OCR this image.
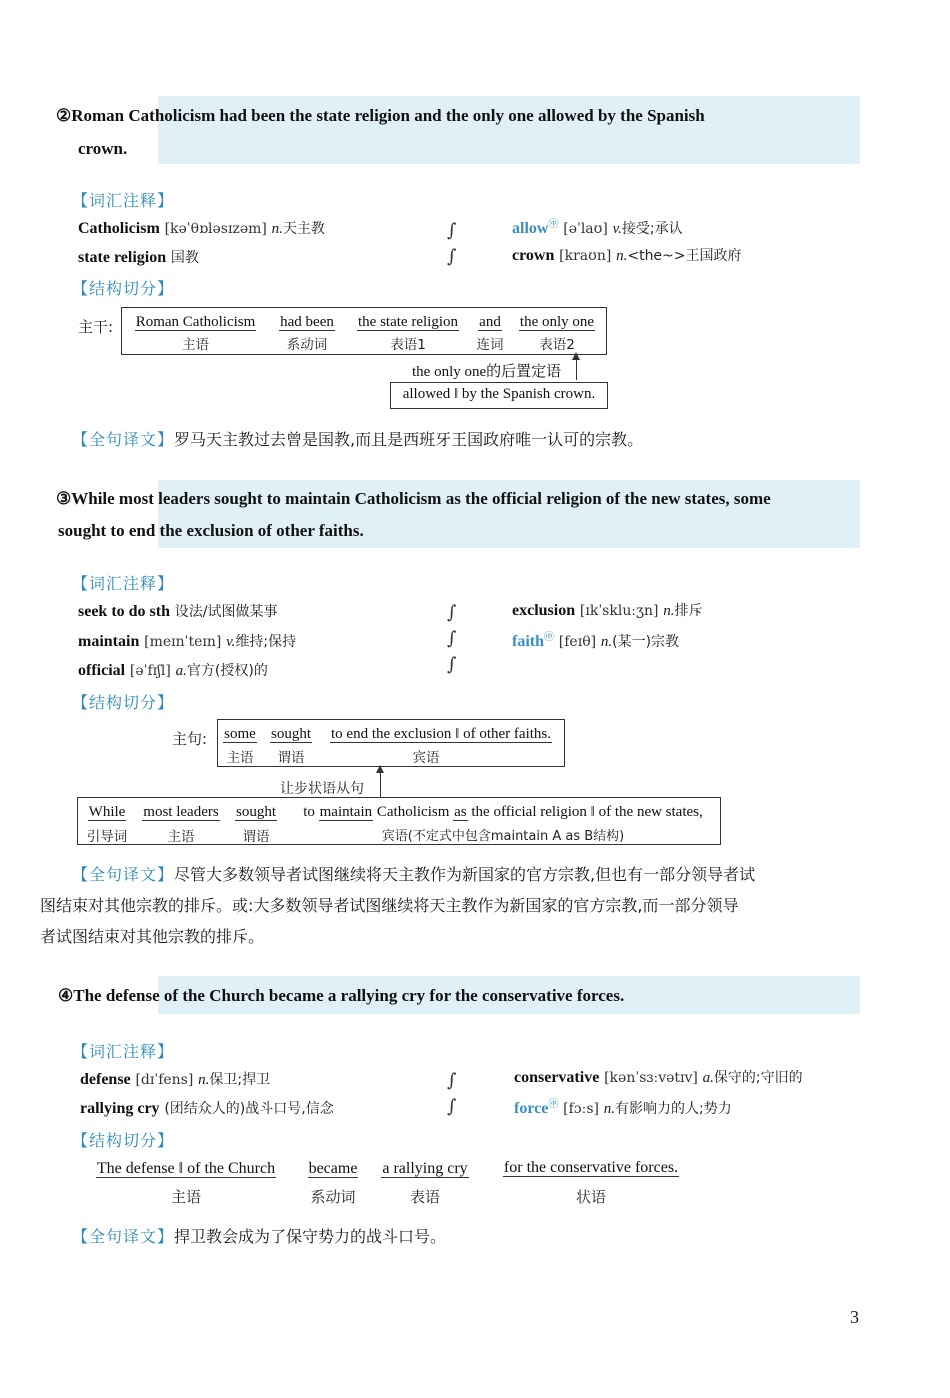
②Roman Catholicism had been the state religion and the only one allowed by the Spanish
crown.
【词汇注释】
Catholicism [kəˈθɒləsɪzəm] n.天主教
state religion 国教
∫
∫
allow㊥ [əˈlaʊ] v.接受;承认
crown [kraʊn] n.<the~>王国政府
【结构切分】
主干:	Roman Catholicism
主语
had been
系动词
the state religion
表语1
and
连词
the only one
表语2
the only one的后置定语
allowed ‖ by the Spanish crown.
【全句译文】罗马天主教过去曾是国教,而且是西班牙王国政府唯一认可的宗教。
③While most leaders sought to maintain Catholicism as the official religion of the new states, some
sought to end the exclusion of other faiths.
【词汇注释】
seek to do sth 设法/试图做某事
maintain [meɪnˈteɪn] v.维持;保持
official [əˈfɪʃl] a.官方(授权)的
∫
∫
∫
exclusion [ɪkˈskluːʒn] n.排斥
faith㊥ [feɪθ] n.(某一)宗教
【结构切分】
主句: some
主语
sought
谓语
to end the exclusion ‖ of other faiths.
宾语
让步状语从句
While
引导词
most leaders
主语
sought
谓语
to maintain Catholicism as the official religion ‖ of the new states,
宾语(不定式中包含maintain A as B结构)
【全句译文】尽管大多数领导者试图继续将天主教作为新国家的官方宗教,但也有一部分领导者试
图结束对其他宗教的排斥。或:大多数领导者试图继续将天主教作为新国家的官方宗教,而一部分领导
者试图结束对其他宗教的排斥。
④The defense of the Church became a rallying cry for the conservative forces.
【词汇注释】
defense [dɪˈfens] n.保卫;捍卫
rallying cry (团结众人的)战斗口号,信念
∫
∫
conservative [kənˈsɜːvətɪv] a.保守的;守旧的
force㊥ [fɔːs] n.有影响力的人;势力
【结构切分】
The defense ‖ of the Church
主语
became
系动词
a rallying cry
表语
for the conservative forces.
状语
【全句译文】捍卫教会成为了保守势力的战斗口号。
3
